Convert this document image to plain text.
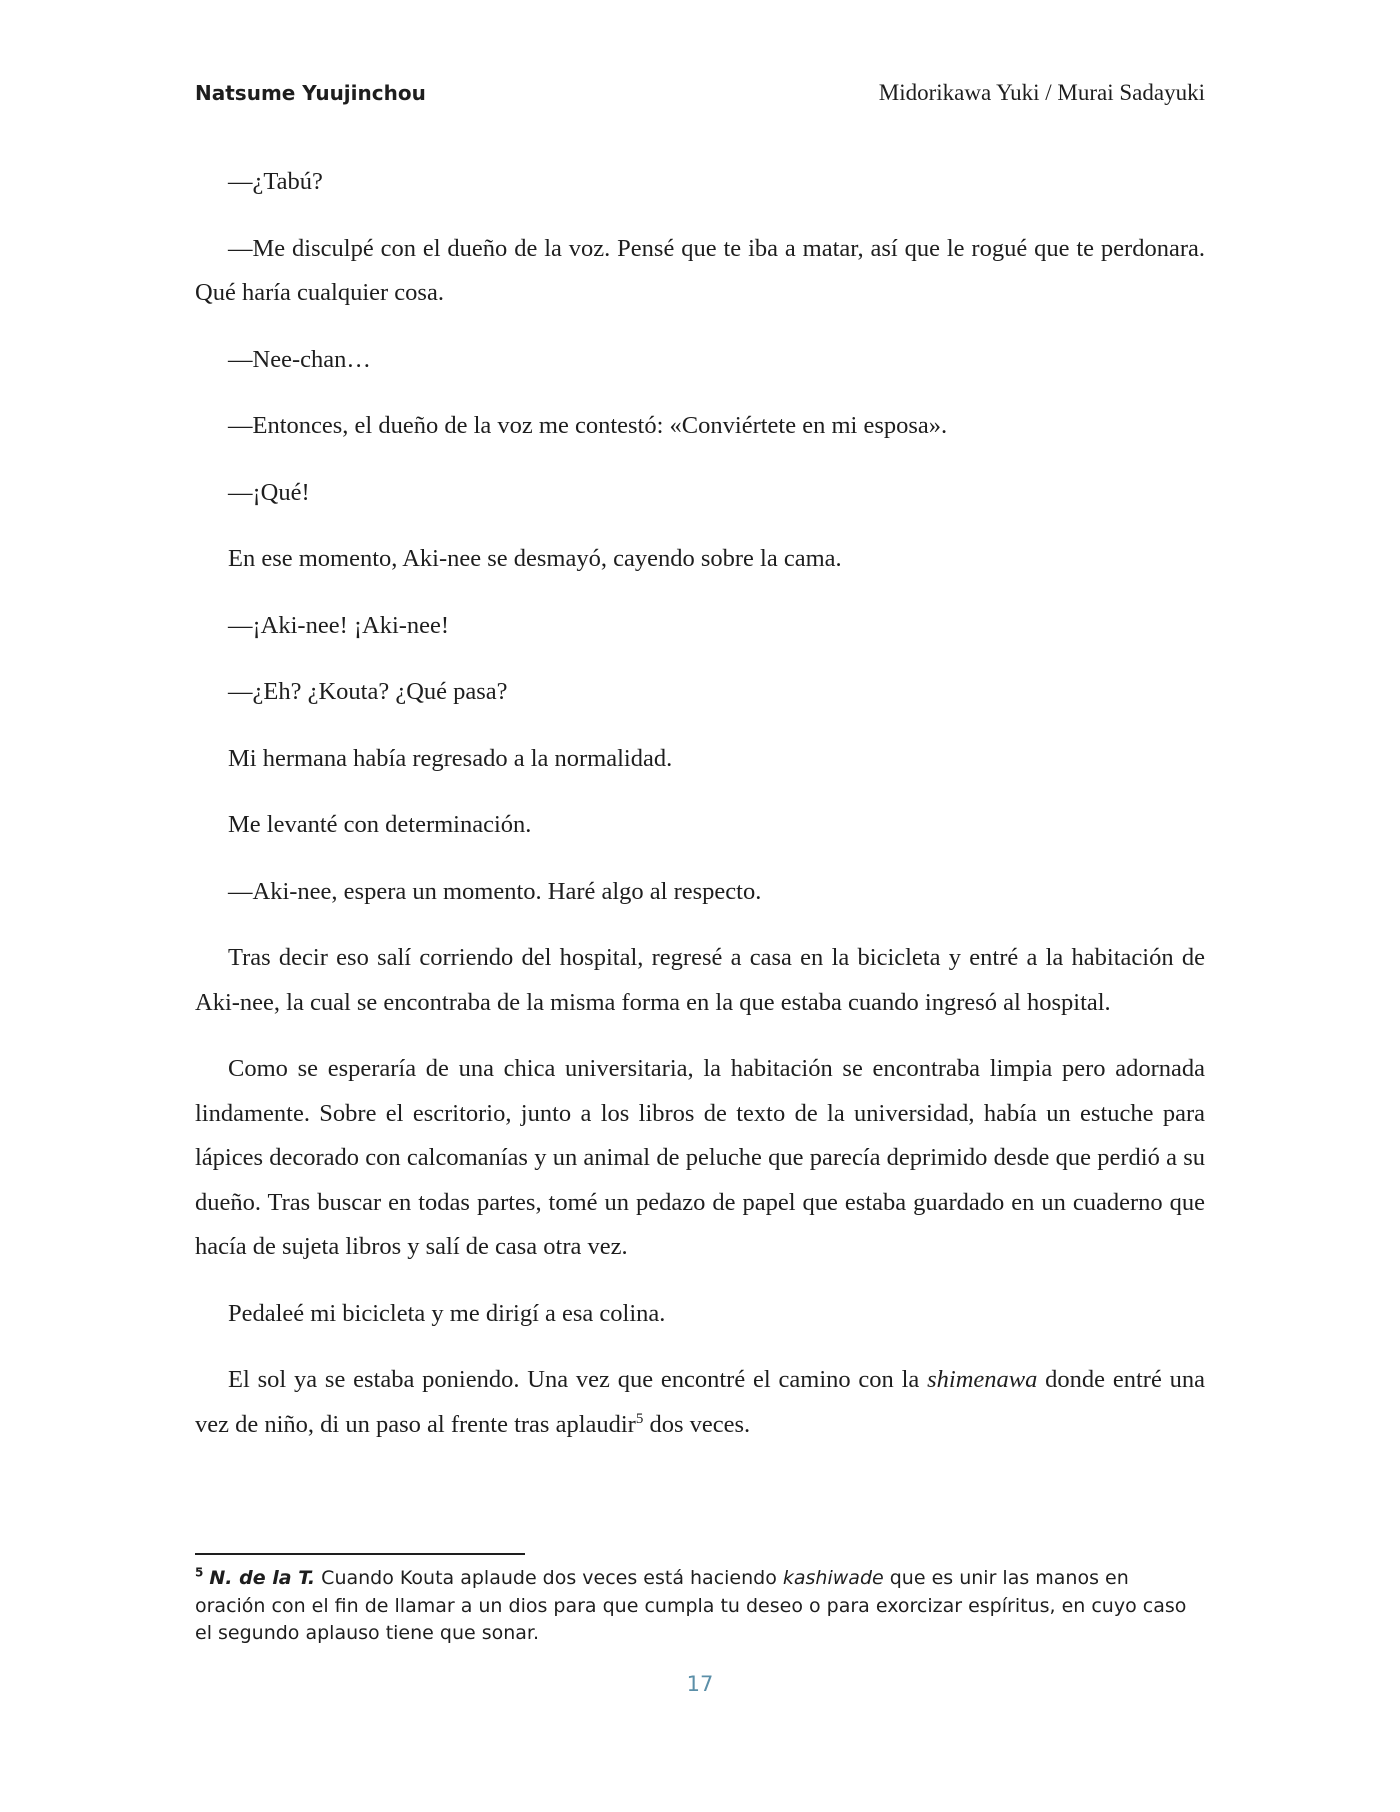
Natsume Yuujinchou	Midorikawa Yuki / Murai Sadayuki

—¿Tabú?

—Me disculpé con el dueño de la voz. Pensé que te iba a matar, así que le rogué que te perdonara. Qué haría cualquier cosa.

—Nee-chan…

—Entonces, el dueño de la voz me contestó: «Conviértete en mi esposa».

—¡Qué!

En ese momento, Aki-nee se desmayó, cayendo sobre la cama.

—¡Aki-nee! ¡Aki-nee!

—¿Eh? ¿Kouta? ¿Qué pasa?

Mi hermana había regresado a la normalidad.

Me levanté con determinación.

—Aki-nee, espera un momento. Haré algo al respecto.

Tras decir eso salí corriendo del hospital, regresé a casa en la bicicleta y entré a la habitación de Aki-nee, la cual se encontraba de la misma forma en la que estaba cuando ingresó al hospital.

Como se esperaría de una chica universitaria, la habitación se encontraba limpia pero adornada lindamente. Sobre el escritorio, junto a los libros de texto de la universidad, había un estuche para lápices decorado con calcomanías y un animal de peluche que parecía deprimido desde que perdió a su dueño. Tras buscar en todas partes, tomé un pedazo de papel que estaba guardado en un cuaderno que hacía de sujeta libros y salí de casa otra vez.

Pedaleé mi bicicleta y me dirigí a esa colina.

El sol ya se estaba poniendo. Una vez que encontré el camino con la shimenawa donde entré una vez de niño, di un paso al frente tras aplaudir$^5$ dos veces.

$^5$ N. de la T. Cuando Kouta aplaude dos veces está haciendo kashiwade que es unir las manos en oración con el fin de llamar a un dios para que cumpla tu deseo o para exorcizar espíritus, en cuyo caso el segundo aplauso tiene que sonar.
17
